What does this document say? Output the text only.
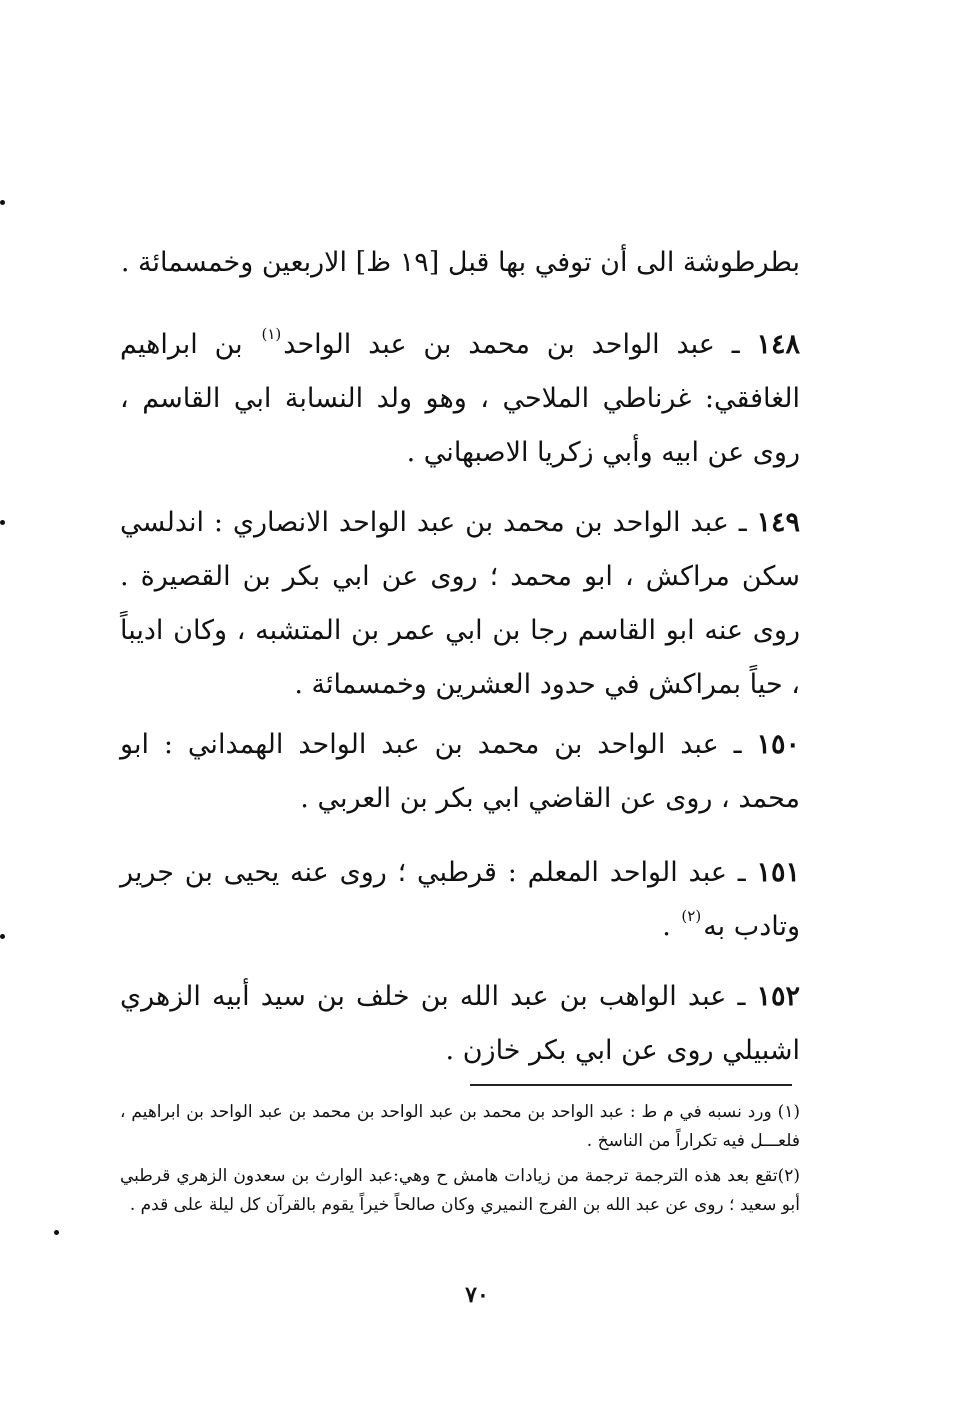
بطرطوشة الى أن توفي بها قبل [١٩ ظ] الاربعين وخمسمائة .

١٤٨ ـ عبد الواحد بن محمد بن عبد الواحد$^{(١)}$ بن ابراهيم الغافقي: غرناطي الملاحي ، وهو ولد النسابة ابي القاسم ، روى عن ابيه وأبي زكريا الاصبهاني .

١٤٩ ـ عبد الواحد بن محمد بن عبد الواحد الانصاري : اندلسي سكن مراكش ، ابو محمد ؛ روى عن ابي بكر بن القصيرة . روى عنه ابو القاسم رجا بن ابي عمر بن المتشبه ، وكان اديباً ، حياً بمراكش في حدود العشرين وخمسمائة .

١٥٠ ـ عبد الواحد بن محمد بن عبد الواحد الهمداني : ابو محمد ، روى عن القاضي ابي بكر بن العربي .

١٥١ ـ عبد الواحد المعلم : قرطبي ؛ روى عنه يحيى بن جرير وتادب به$^{(٢)}$ .

١٥٢ ـ عبد الواهب بن عبد الله بن خلف بن سيد أبيه الزهري اشبيلي روى عن ابي بكر خازن .

(١) ورد نسبه في م ط : عبد الواحد بن محمد بن عبد الواحد بن محمد بن عبد الواحد بن ابراهيم ، فلعـــل فيه تكراراً من الناسخ .

(٢)تقع بعد هذه الترجمة ترجمة من زيادات هامش ح وهي:عبد الوارث بن سعدون الزهري قرطبي أبو سعيد ؛ روى عن عبد الله بن الفرج النميري وكان صالحاً خيراً يقوم بالقرآن كل ليلة على قدم .

٧٠
